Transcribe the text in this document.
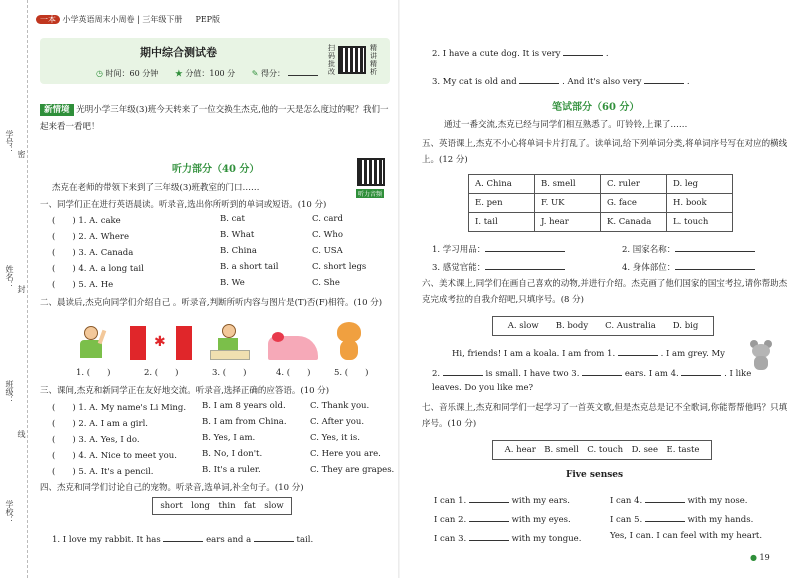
学号： 密
姓名： 封
班级：
线
学校：
一本 小学英语周末小周卷 | 三年级下册 　 PEP版
期中综合测试卷
◷ 时间：60 分钟 ★ 分值：100 分 ✎ 得分：
扫码批改
精讲精析
新情境 光明小学三年级(3)班今天转来了一位交换生杰克,他的一天是怎么度过的呢？我们一起来看一看吧！
听力部分（40 分）
听力音频
杰克在老师的带领下来到了三年级(3)班教室的门口……
一、同学们正在进行英语晨读。听录音,选出你所听到的单词或短语。(10 分)
(　　) 1. A. cake	B. cat	C. card
(　　) 2. A. Where	B. What	C. Who
(　　) 3. A. Canada	B. China	C. USA
(　　) 4. A. a long tail	B. a short tail	C. short legs
(　　) 5. A. He	B. We	C. She
二、晨读后,杰克向同学们介绍自己 。听录音,判断所听内容与图片是(T)否(F)相符。(10 分)
✱
1. (　　)	2. (　　)	3. (　　)	4. (　　)	5. (　　)
三、课间,杰克和新同学正在友好地交流。听录音,选择正确的应答语。(10 分)
(　　) 1. A. My name's Li Ming. B. I am 8 years old.	C. Thank you.
(　　) 2. A. I am a girl.	B. I am from China.	C. After you.
(　　) 3. A. Yes, I do.	B. Yes, I am.	C. Yes, it is.
(　　) 4. A. Nice to meet you.	B. No, I don't.	C. Here you are.
(　　) 5. A. It's a pencil.	B. It's a ruler.	C. They are grapes.
四、杰克和同学们讨论自己的宠物。听录音,选单词,补全句子。(10 分)
short　long　thin　fat　slow
1. I love my rabbit. It has	ears and a	tail.
2. I have a cute dog. It is very	.
3. My cat is old and	. And it's also very	.
笔试部分（60 分）
通过一番交流,杰克已经与同学们相互熟悉了。叮铃铃,上课了……
五、英语课上,杰克不小心将单词卡片打乱了。读单词,给下列单词分类,将单词序号写在对应的横线上。(12 分)
A. China	B. smell	C. ruler	D. leg
E. pen	F. UK	G. face	H. book
I. tail	J. hear	K. Canada	L. touch
1. 学习用品：	2. 国家名称：
3. 感觉官能：	4. 身体部位：
六、美术课上,同学们在画自己喜欢的动物,并进行介绍。杰克画了他们国家的国宝考拉,请你帮助杰克完成考拉的自我介绍吧,只填序号。(8 分)
A. slow　　B. body　　C. Australia　　D. big
Hi, friends! I am a koala. I am from 1.	. I am grey. My
2.	is small. I have two 3.	ears. I am 4.	. I like
leaves. Do you like me?
七、音乐课上,杰克和同学们一起学习了一首英文歌,但是杰克总是记不全歌词,你能帮帮他吗？只填序号。(10 分)
A. hear　B. smell　C. touch　D. see　E. taste
Five senses
I can 1.	with my ears.
I can 2.	with my eyes.
I can 3.	with my tongue.
I can 4.	with my nose.
I can 5.	with my hands.
Yes, I can. I can feel with my heart.
● 19
